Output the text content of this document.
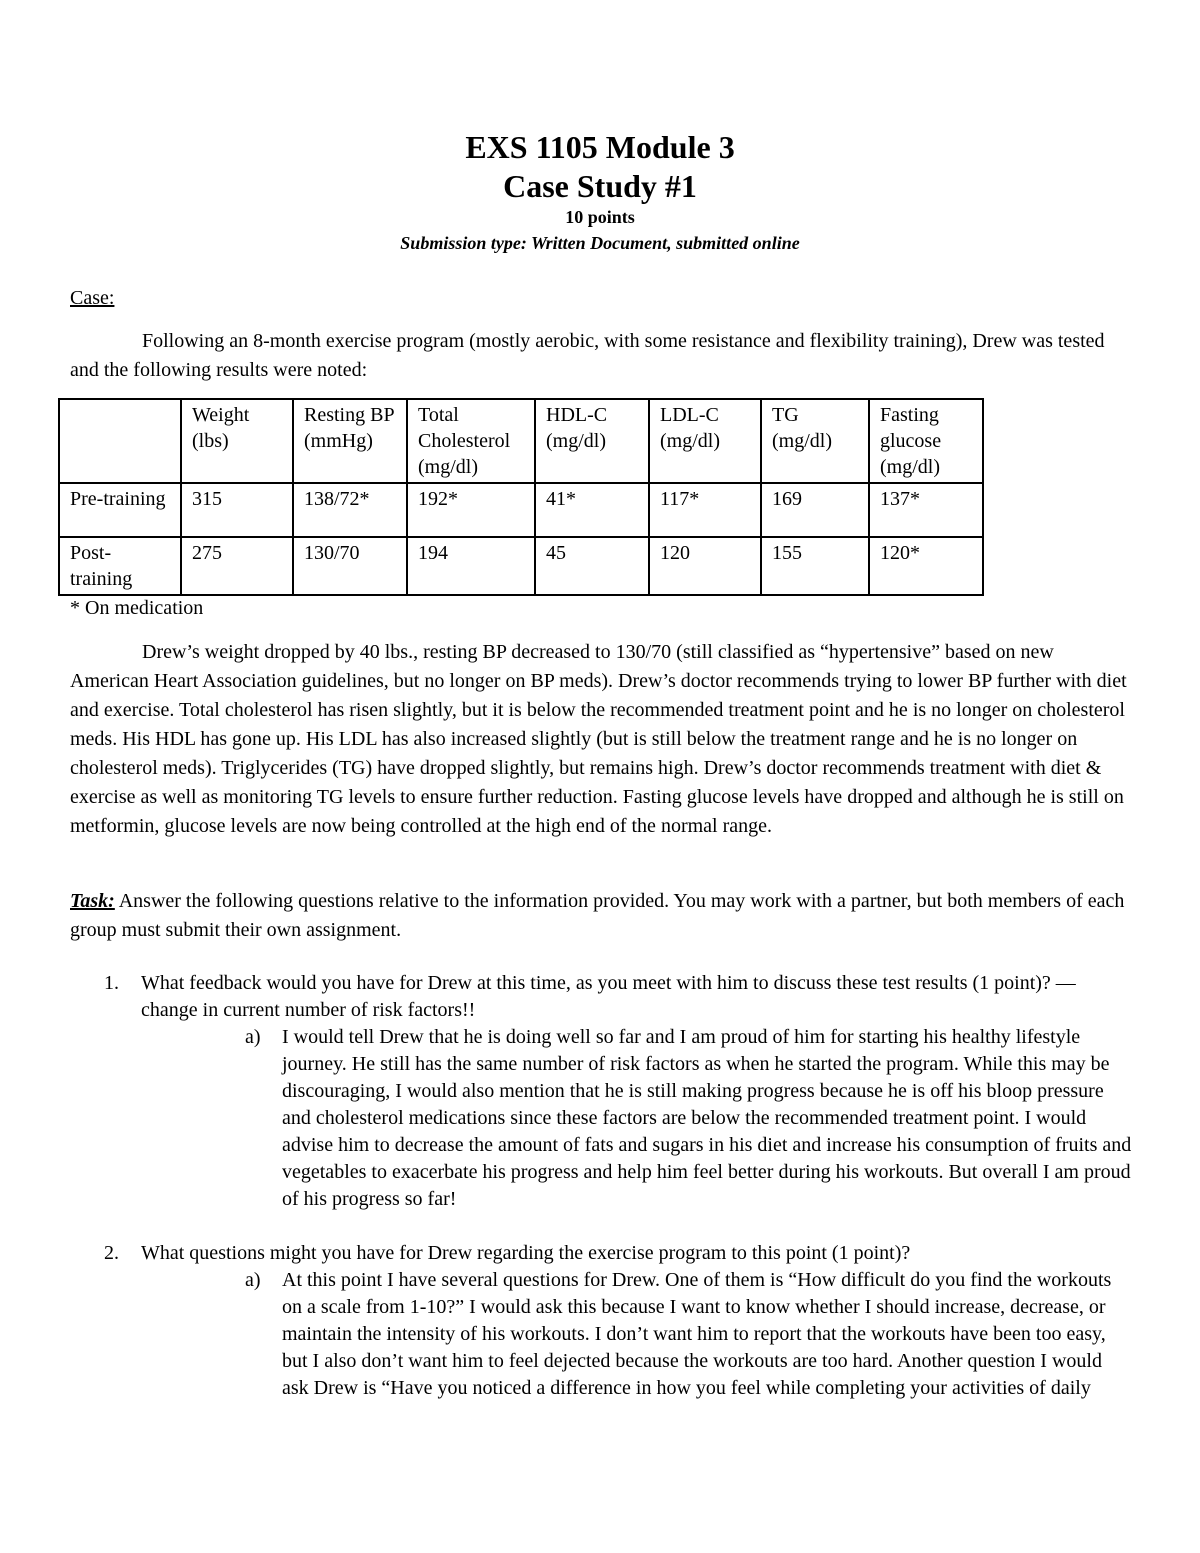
EXS 1105 Module 3
Case Study #1
10 points
Submission type: Written Document, submitted online
Case:
Following an 8-month exercise program (mostly aerobic, with some resistance and flexibility training), Drew was tested and the following results were noted:
	Weight (lbs)	Resting BP (mmHg)	Total Cholesterol (mg/dl)	HDL-C (mg/dl)	LDL-C (mg/dl)	TG (mg/dl)	Fasting glucose (mg/dl)
Pre-training	315	138/72*	192*	41*	117*	169	137*
Post-training	275	130/70	194	45	120	155	120*
* On medication
Drew’s weight dropped by 40 lbs., resting BP decreased to 130/70 (still classified as “hypertensive” based on new American Heart Association guidelines, but no longer on BP meds). Drew’s doctor recommends trying to lower BP further with diet and exercise. Total cholesterol has risen slightly, but it is below the recommended treatment point and he is no longer on cholesterol meds. His HDL has gone up. His LDL has also increased slightly (but is still below the treatment range and he is no longer on cholesterol meds). Triglycerides (TG) have dropped slightly, but remains high. Drew’s doctor recommends treatment with diet & exercise as well as monitoring TG levels to ensure further reduction. Fasting glucose levels have dropped and although he is still on metformin, glucose levels are now being controlled at the high end of the normal range.
Task: Answer the following questions relative to the information provided. You may work with a partner, but both members of each group must submit their own assignment.
1. What feedback would you have for Drew at this time, as you meet with him to discuss these test results (1 point)? —change in current number of risk factors!!
a) I would tell Drew that he is doing well so far and I am proud of him for starting his healthy lifestyle journey. He still has the same number of risk factors as when he started the program. While this may be discouraging, I would also mention that he is still making progress because he is off his bloop pressure and cholesterol medications since these factors are below the recommended treatment point. I would advise him to decrease the amount of fats and sugars in his diet and increase his consumption of fruits and vegetables to exacerbate his progress and help him feel better during his workouts. But overall I am proud of his progress so far!
2. What questions might you have for Drew regarding the exercise program to this point (1 point)?
a) At this point I have several questions for Drew. One of them is “How difficult do you find the workouts on a scale from 1-10?” I would ask this because I want to know whether I should increase, decrease, or maintain the intensity of his workouts. I don’t want him to report that the workouts have been too easy, but I also don’t want him to feel dejected because the workouts are too hard. Another question I would ask Drew is “Have you noticed a difference in how you feel while completing your activities of daily
